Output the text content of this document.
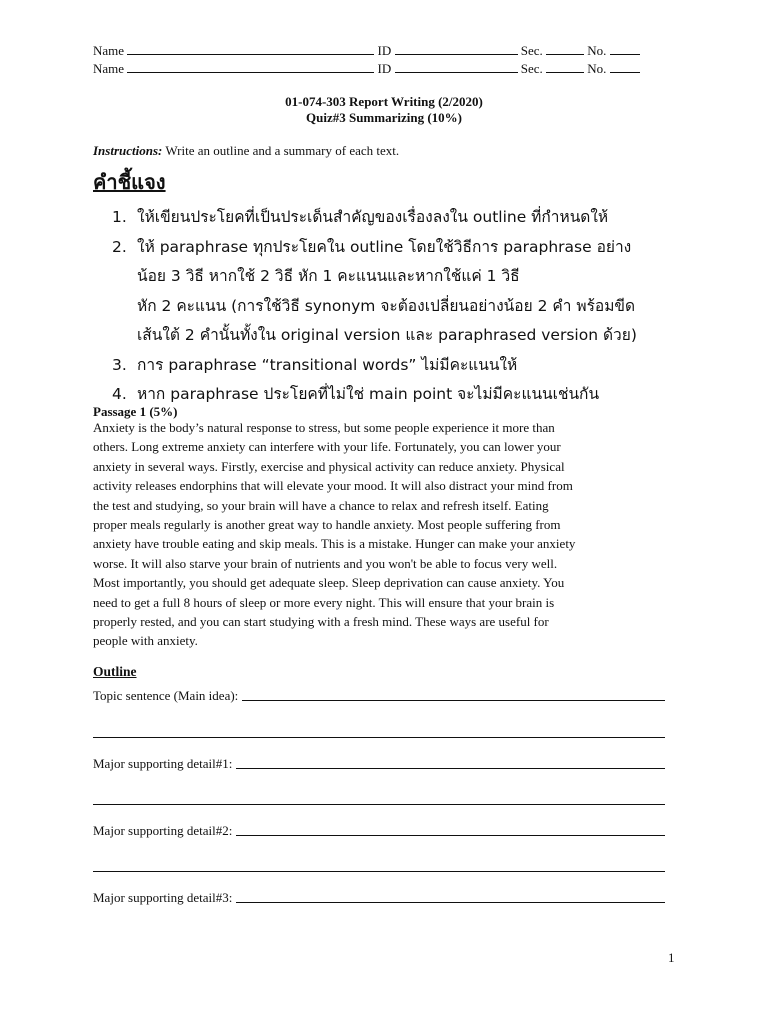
Name	ID	Sec.	No.
Name	ID	Sec.	No.
01-074-303 Report Writing (2/2020)
Quiz#3 Summarizing (10%)
Instructions: Write an outline and a summary of each text.
คำชี้แจง
1. ให้เขียนประโยคที่เป็นประเด็นสำคัญของเรื่องลงใน outline ที่กำหนดให้
2. ให้ paraphrase ทุกประโยคใน outline โดยใช้วิธีการ paraphrase อย่าง
น้อย 3 วิธี หากใช้ 2 วิธี หัก 1 คะแนนและหากใช้แค่ 1 วิธี
หัก 2 คะแนน (การใช้วิธี synonym จะต้องเปลี่ยนอย่างน้อย 2 คำ พร้อมขีด
เส้นใต้ 2 คำนั้นทั้งใน original version และ paraphrased version ด้วย)
3. การ paraphrase “transitional words” ไม่มีคะแนนให้
4. หาก paraphrase ประโยคที่ไม่ใช่ main point จะไม่มีคะแนนเช่นกัน
Passage 1 (5%)
Anxiety is the body’s natural response to stress, but some people experience it more than
others. Long extreme anxiety can interfere with your life. Fortunately, you can lower your
anxiety in several ways. Firstly, exercise and physical activity can reduce anxiety. Physical
activity releases endorphins that will elevate your mood. It will also distract your mind from
the test and studying, so your brain will have a chance to relax and refresh itself. Eating
proper meals regularly is another great way to handle anxiety. Most people suffering from
anxiety have trouble eating and skip meals. This is a mistake. Hunger can make your anxiety
worse. It will also starve your brain of nutrients and you won't be able to focus very well.
Most importantly, you should get adequate sleep. Sleep deprivation can cause anxiety. You
need to get a full 8 hours of sleep or more every night. This will ensure that your brain is
properly rested, and you can start studying with a fresh mind. These ways are useful for
people with anxiety.
Outline
Topic sentence (Main idea):
Major supporting detail#1:
Major supporting detail#2:
Major supporting detail#3:
1
